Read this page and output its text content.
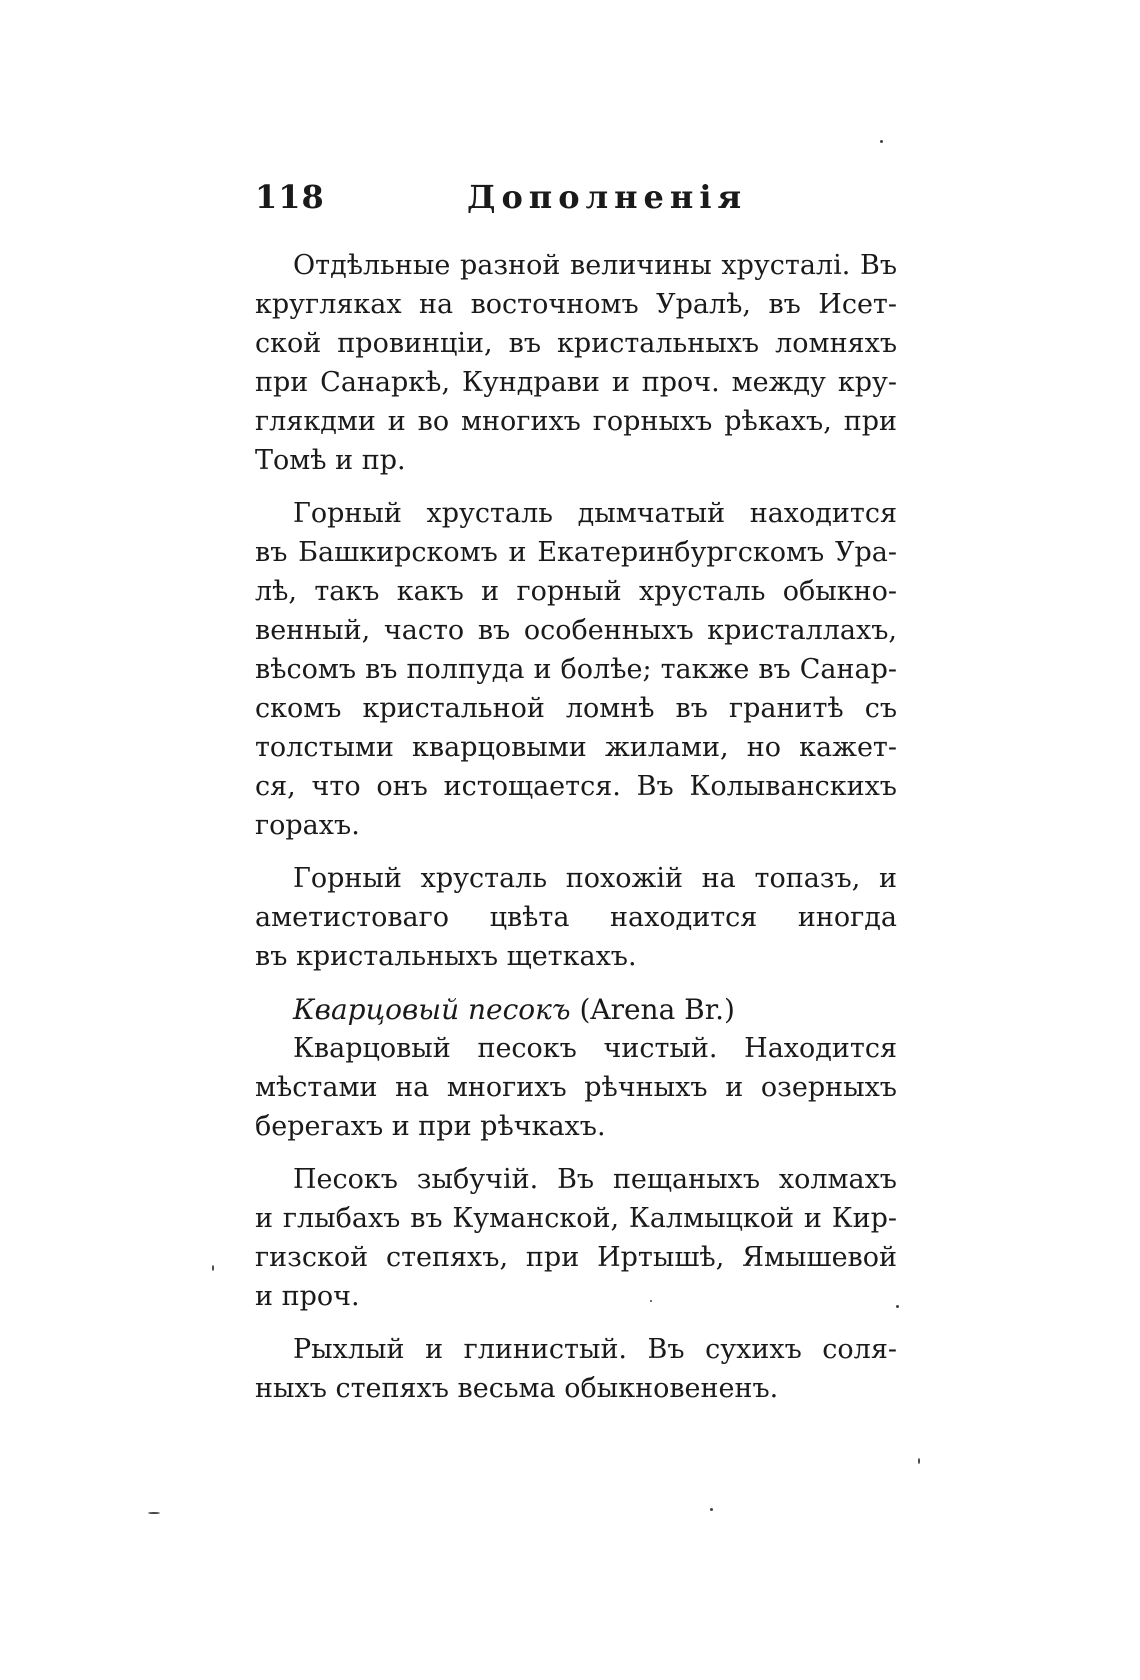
118	Дополненія
Отдѣльные разной величины хрусталі. Въ
кругляках на восточномъ Уралѣ, въ Исет-
ской провинціи, въ кристальныхъ ломняхъ
при Санаркѣ, Кундрави и проч. между кру-
глякдми и во многихъ горныхъ рѣкахъ, при
Томѣ и пр.
Горный хрусталь дымчатый находится
въ Башкирскомъ и Екатеринбургскомъ Ура-
лѣ, такъ какъ и горный хрусталь обыкно-
венный, часто въ особенныхъ кристаллахъ,
вѣсомъ въ полпуда и болѣе; также въ Санар-
скомъ кристальной ломнѣ въ гранитѣ съ
толстыми кварцовыми жилами, но кажет-
ся, что онъ истощается. Въ Колыванскихъ
горахъ.
Горный хрусталь похожій на топазъ, и
аметистоваго цвѣта находится иногда
въ кристальныхъ щеткахъ.
Кварцовый песокъ (Arena Br.)
Кварцовый песокъ чистый. Находится
мѣстами на многихъ рѣчныхъ и озерныхъ
берегахъ и при рѣчкахъ.
Песокъ зыбучій. Въ пещаныхъ холмахъ
и глыбахъ въ Куманской, Калмыцкой и Кир-
гизской степяхъ, при Иртышѣ, Ямышевой
и проч.
Рыхлый и глинистый. Въ сухихъ соля-
ныхъ степяхъ весьма обыкновененъ.
